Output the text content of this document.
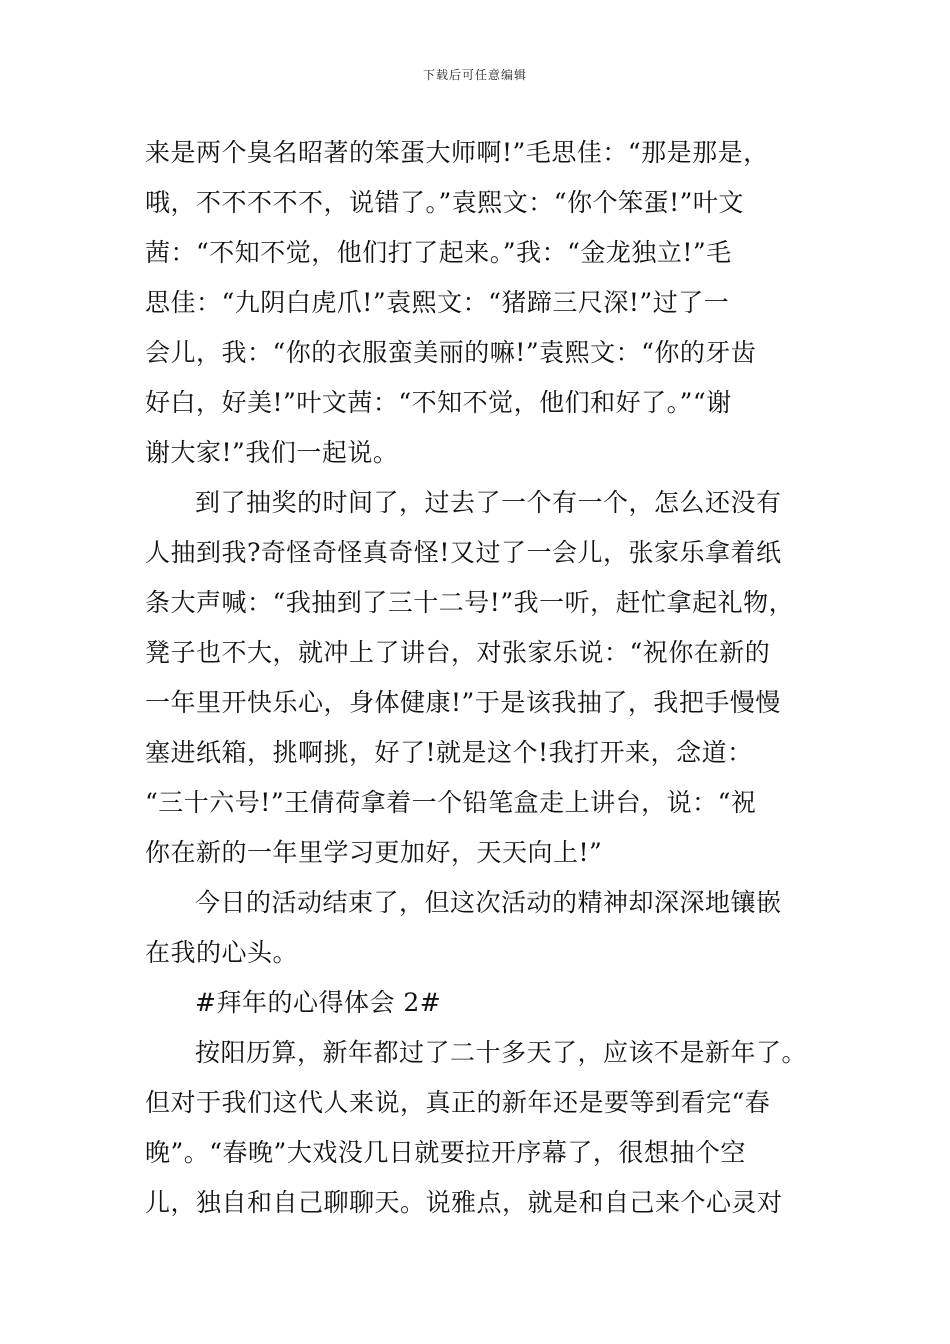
下载后可任意编辑
来是两个臭名昭著的笨蛋大师啊!”毛思佳：“那是那是，
哦，不不不不不，说错了。”袁熙文：“你个笨蛋!”叶文
茜：“不知不觉，他们打了起来。”我：“金龙独立!”毛
思佳：“九阴白虎爪!”袁熙文：“猪蹄三尺深!”过了一
会儿，我：“你的衣服蛮美丽的嘛!”袁熙文：“你的牙齿
好白，好美!”叶文茜：“不知不觉，他们和好了。”“谢
谢大家!”我们一起说。
到了抽奖的时间了，过去了一个有一个，怎么还没有
人抽到我?奇怪奇怪真奇怪!又过了一会儿，张家乐拿着纸
条大声喊：“我抽到了三十二号!”我一听，赶忙拿起礼物，
凳子也不大，就冲上了讲台，对张家乐说：“祝你在新的
一年里开快乐心，身体健康!”于是该我抽了，我把手慢慢
塞进纸箱，挑啊挑，好了!就是这个!我打开来，念道：
“三十六号!”王倩荷拿着一个铅笔盒走上讲台，说：“祝
你在新的一年里学习更加好，天天向上!”
今日的活动结束了，但这次活动的精神却深深地镶嵌
在我的心头。
#拜年的心得体会 2#
按阳历算，新年都过了二十多天了，应该不是新年了。
但对于我们这代人来说，真正的新年还是要等到看完“春
晚”。“春晚”大戏没几日就要拉开序幕了，很想抽个空
儿，独自和自己聊聊天。说雅点，就是和自己来个心灵对
